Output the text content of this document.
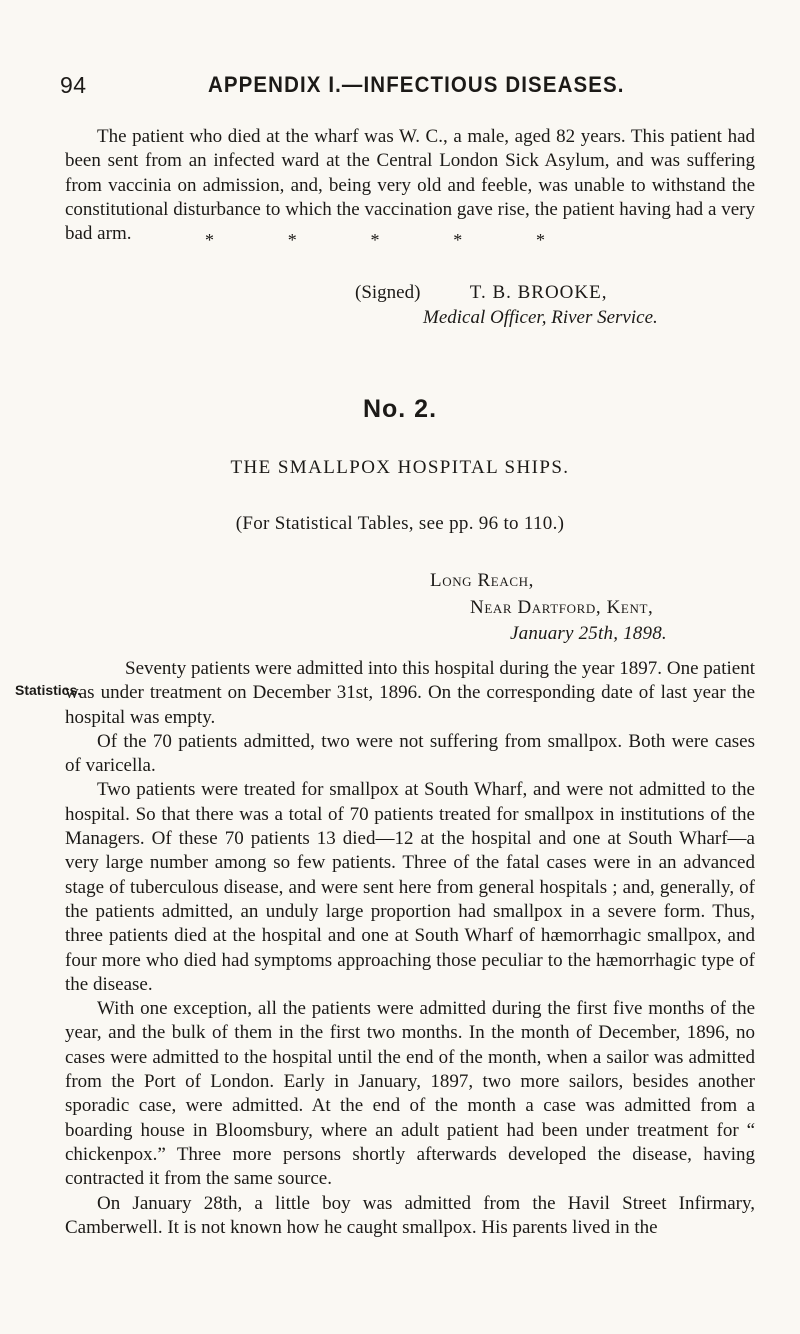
94	APPENDIX I.—INFECTIOUS DISEASES.

The patient who died at the wharf was W. C., a male, aged 82 years. This patient had been sent from an infected ward at the Central London Sick Asylum, and was suffering from vaccinia on admission, and, being very old and feeble, was unable to withstand the constitutional disturbance to which the vaccination gave rise, the patient having had a very bad arm.	*	*	*	*	*
(Signed)	T. B. BROOKE,
Medical Officer, River Service.
No. 2.
THE SMALLPOX HOSPITAL SHIPS.
(For Statistical Tables, see pp. 96 to 110.)
Long Reach,
Near Dartford, Kent,
January 25th, 1898.
Statistics.

Seventy patients were admitted into this hospital during the year 1897. One patient was under treatment on December 31st, 1896. On the corresponding date of last year the hospital was empty.

Of the 70 patients admitted, two were not suffering from smallpox. Both were cases of varicella.

Two patients were treated for smallpox at South Wharf, and were not admitted to the hospital. So that there was a total of 70 patients treated for smallpox in institutions of the Managers. Of these 70 patients 13 died—12 at the hospital and one at South Wharf—a very large number among so few patients. Three of the fatal cases were in an advanced stage of tuberculous disease, and were sent here from general hospitals ; and, generally, of the patients admitted, an unduly large proportion had smallpox in a severe form. Thus, three patients died at the hospital and one at South Wharf of hæmorrhagic smallpox, and four more who died had symptoms approaching those peculiar to the hæmorrhagic type of the disease.

With one exception, all the patients were admitted during the first five months of the year, and the bulk of them in the first two months. In the month of December, 1896, no cases were admitted to the hospital until the end of the month, when a sailor was admitted from the Port of London. Early in January, 1897, two more sailors, besides another sporadic case, were admitted. At the end of the month a case was admitted from a boarding house in Bloomsbury, where an adult patient had been under treatment for “ chickenpox.” Three more persons shortly afterwards developed the disease, having contracted it from the same source.

On January 28th, a little boy was admitted from the Havil Street Infirmary, Camberwell. It is not known how he caught smallpox. His parents lived in the
